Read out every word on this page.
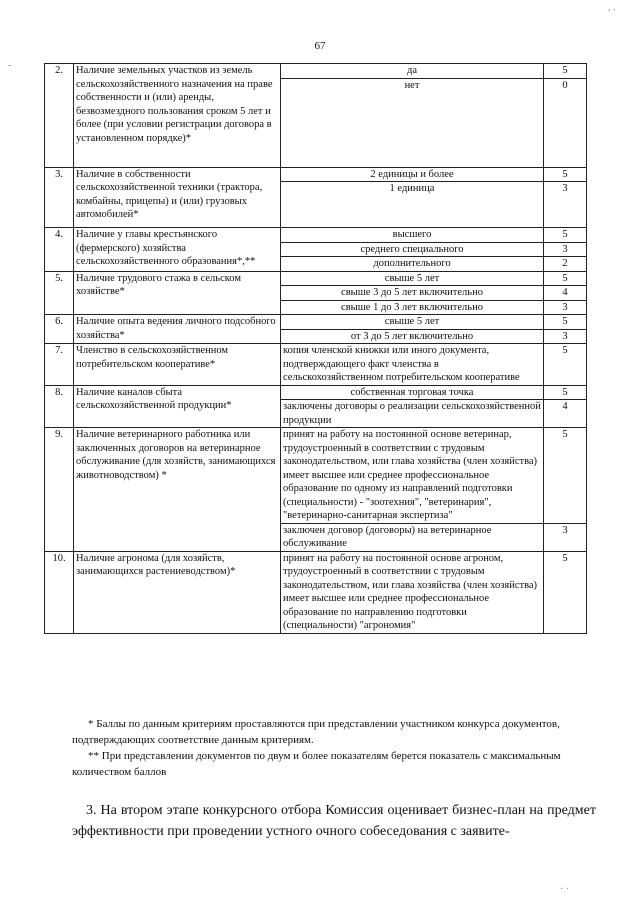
67
2.	Наличие земельных участков из земель сельскохозяйственного назначения на праве собственности и (или) аренды, безвозмездного пользования сроком 5 лет и более (при условии регистрации договора в установленном порядке)*	да	5
		нет	0
3.	Наличие в собственности сельскохозяйственной техники (трактора, комбайны, прицепы) и (или) грузовых автомобилей*	2 единицы и более	5
		1 единица	3
4.	Наличие у главы крестьянского (фермерского) хозяйства сельскохозяйственного образования*,**	высшего	5
		среднего специального	3
		дополнительного	2
5.	Наличие трудового стажа в сельском хозяйстве*	свыше 5 лет	5
		свыше 3 до 5 лет включительно	4
		свыше 1 до 3 лет включительно	3
6.	Наличие опыта ведения личного подсобного хозяйства*	свыше 5 лет	5
		от 3 до 5 лет включительно	3
7.	Членство в сельскохозяйственном потребительском кооперативе*	копия членской книжки или иного документа, подтверждающего факт членства в сельскохозяйственном потребительском кооперативе	5
8.	Наличие каналов сбыта сельскохозяйственной продукции*	собственная торговая точка	5
		заключены договоры о реализации сельскохозяйственной продукции	4
9.	Наличие ветеринарного работника или заключенных договоров на ветеринарное обслуживание (для хозяйств, занимающихся животноводством) *	принят на работу на постоянной основе ветеринар, трудоустроенный в соответствии с трудовым законодательством, или глава хозяйства (член хозяйства) имеет высшее или среднее профессиональное образование по одному из направлений подготовки (специальности) - "зоотехния", "ветеринария", "ветеринарно-санитарная экспертиза"	5
		заключен договор (договоры) на ветеринарное обслуживание	3
10.	Наличие агронома (для хозяйств, занимающихся растениеводством)*	принят на работу на постоянной основе агроном, трудоустроенный в соответствии с трудовым законодательством, или глава хозяйства (член хозяйства) имеет высшее или среднее профессиональное образование по направлению подготовки (специальности) "агрономия"	5

* Баллы по данным критериям проставляются при представлении участником конкурса документов, подтверждающих соответствие данным критериям.

** При представлении документов по двум и более показателям берется показатель с максимальным количеством баллов

3. На втором этапе конкурсного отбора Комиссия оценивает бизнес-план на предмет эффективности при проведении устного очного собеседования с заявите-

, .
-
· ·
